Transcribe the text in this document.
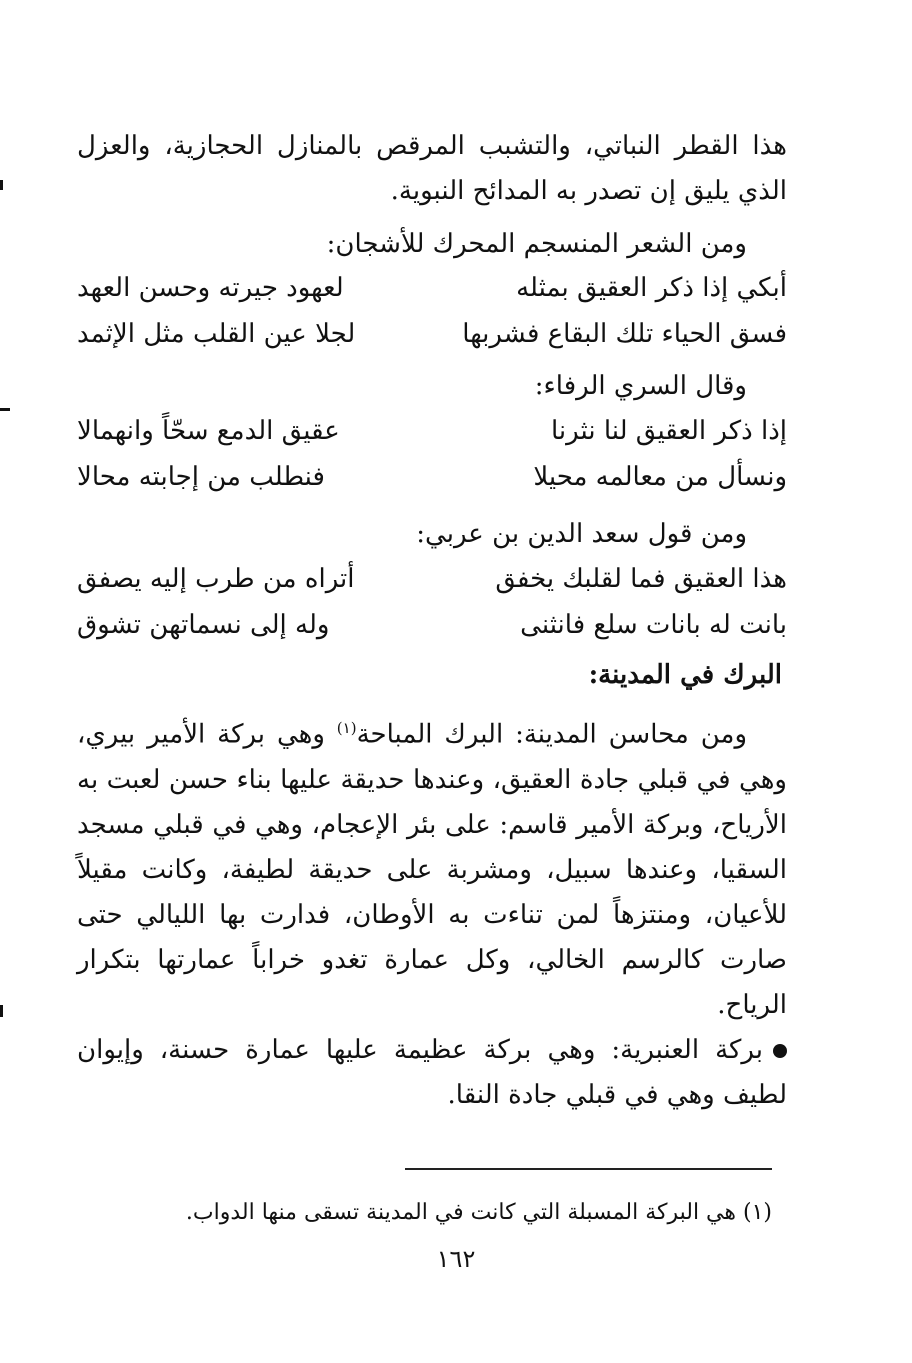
هذا القطر النباتي، والتشبب المرقص بالمنازل الحجازية، والعزل الذي يليق إن تصدر به المدائح النبوية.

ومن الشعر المنسجم المحرك للأشجان:

أبكي إذا ذكر العقيق بمثله
لعهود جيرته وحسن العهد
فسق الحياء تلك البقاع فشربها
لجلا عين القلب مثل الإثمد

وقال السري الرفاء:

إذا ذكر العقيق لنا نثرنا
عقيق الدمع سحّاً وانهمالا
ونسأل من معالمه محيلا
فنطلب من إجابته محالا

ومن قول سعد الدين بن عربي:

هذا العقيق فما لقلبك يخفق
أتراه من طرب إليه يصفق
بانت له بانات سلع فانثنى
وله إلى نسماتهن تشوق
البرك في المدينة:

ومن محاسن المدينة: البرك المباحة$^{(١)}$ وهي بركة الأمير بيري، وهي في قبلي جادة العقيق، وعندها حديقة عليها بناء حسن لعبت به الأرياح، وبركة الأمير قاسم: على بئر الإعجام، وهي في قبلي مسجد السقيا، وعندها سبيل، ومشربة على حديقة لطيفة، وكانت مقيلاً للأعيان، ومنتزهاً لمن تناءت به الأوطان، فدارت بها الليالي حتى صارت كالرسم الخالي، وكل عمارة تغدو خراباً عمارتها بتكرار الرياح.

بركة العنبرية: وهي بركة عظيمة عليها عمارة حسنة، وإيوان لطيف وهي في قبلي جادة النقا.

(١) هي البركة المسبلة التي كانت في المدينة تسقى منها الدواب.
١٦٢
